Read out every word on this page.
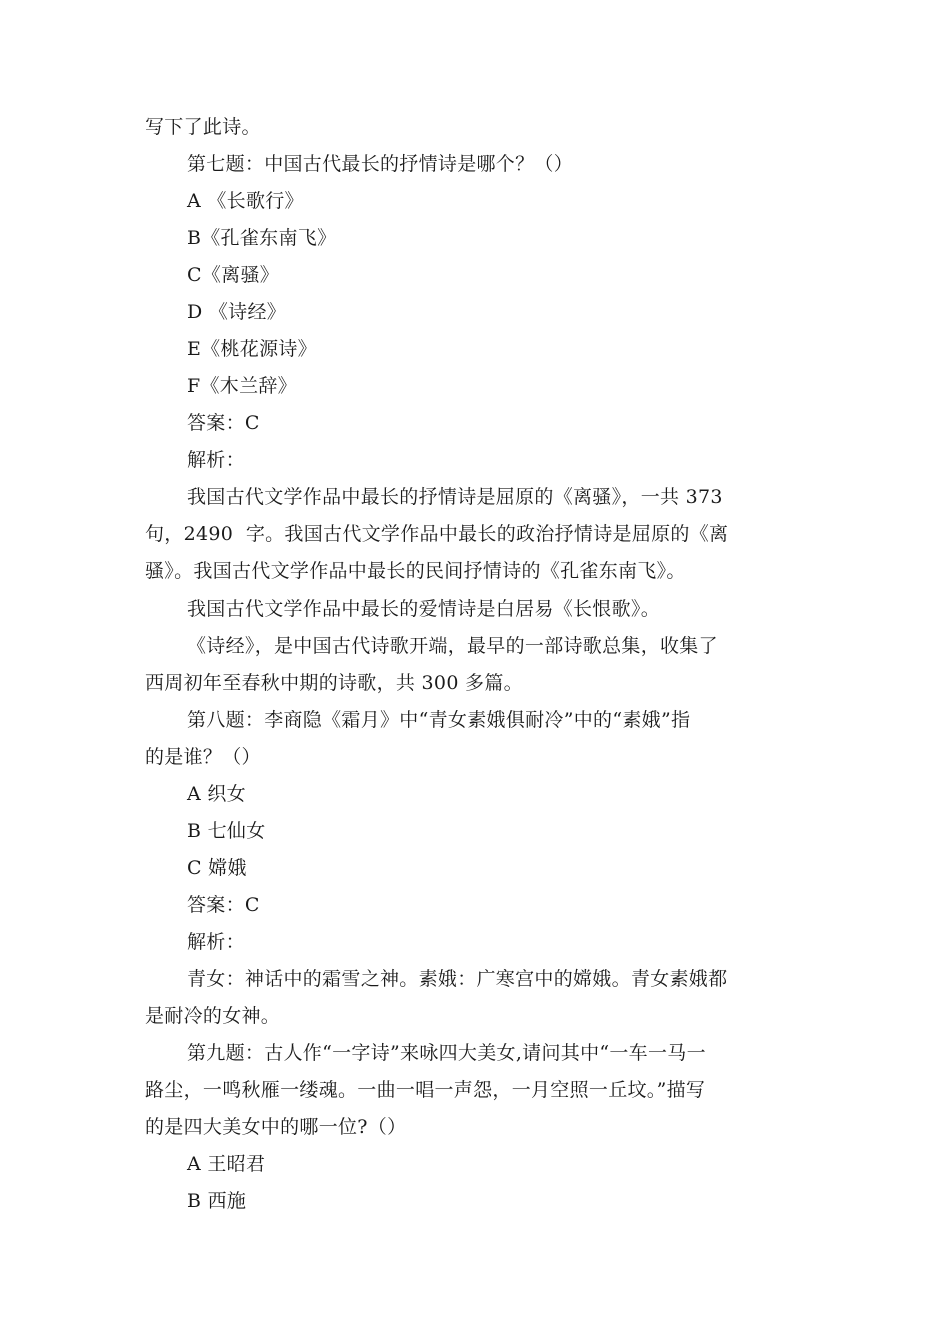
写下了此诗。
第七题：中国古代最长的抒情诗是哪个？（）
A 《长歌行》
B《孔雀东南飞》
C《离骚》
D 《诗经》
E《桃花源诗》
F《木兰辞》
答案：C
解析：
我国古代文学作品中最长的抒情诗是屈原的《离骚》，一共 373
句，2490  字。我国古代文学作品中最长的政治抒情诗是屈原的《离
骚》。我国古代文学作品中最长的民间抒情诗的《孔雀东南飞》。
我国古代文学作品中最长的爱情诗是白居易《长恨歌》。
《诗经》，是中国古代诗歌开端，最早的一部诗歌总集，收集了
西周初年至春秋中期的诗歌，共 300 多篇。
第八题：李商隐《霜月》中“青女素娥俱耐冷”中的“素娥”指
的是谁？（）
A 织女
B 七仙女
C 嫦娥
答案：C
解析：
青女：神话中的霜雪之神。素娥：广寒宫中的嫦娥。青女素娥都
是耐冷的女神。
第九题：古人作“一字诗”来咏四大美女,请问其中“一车一马一
路尘，一鸣秋雁一缕魂。一曲一唱一声怨，一月空照一丘坟。”描写
的是四大美女中的哪一位?（）
A 王昭君
B 西施
